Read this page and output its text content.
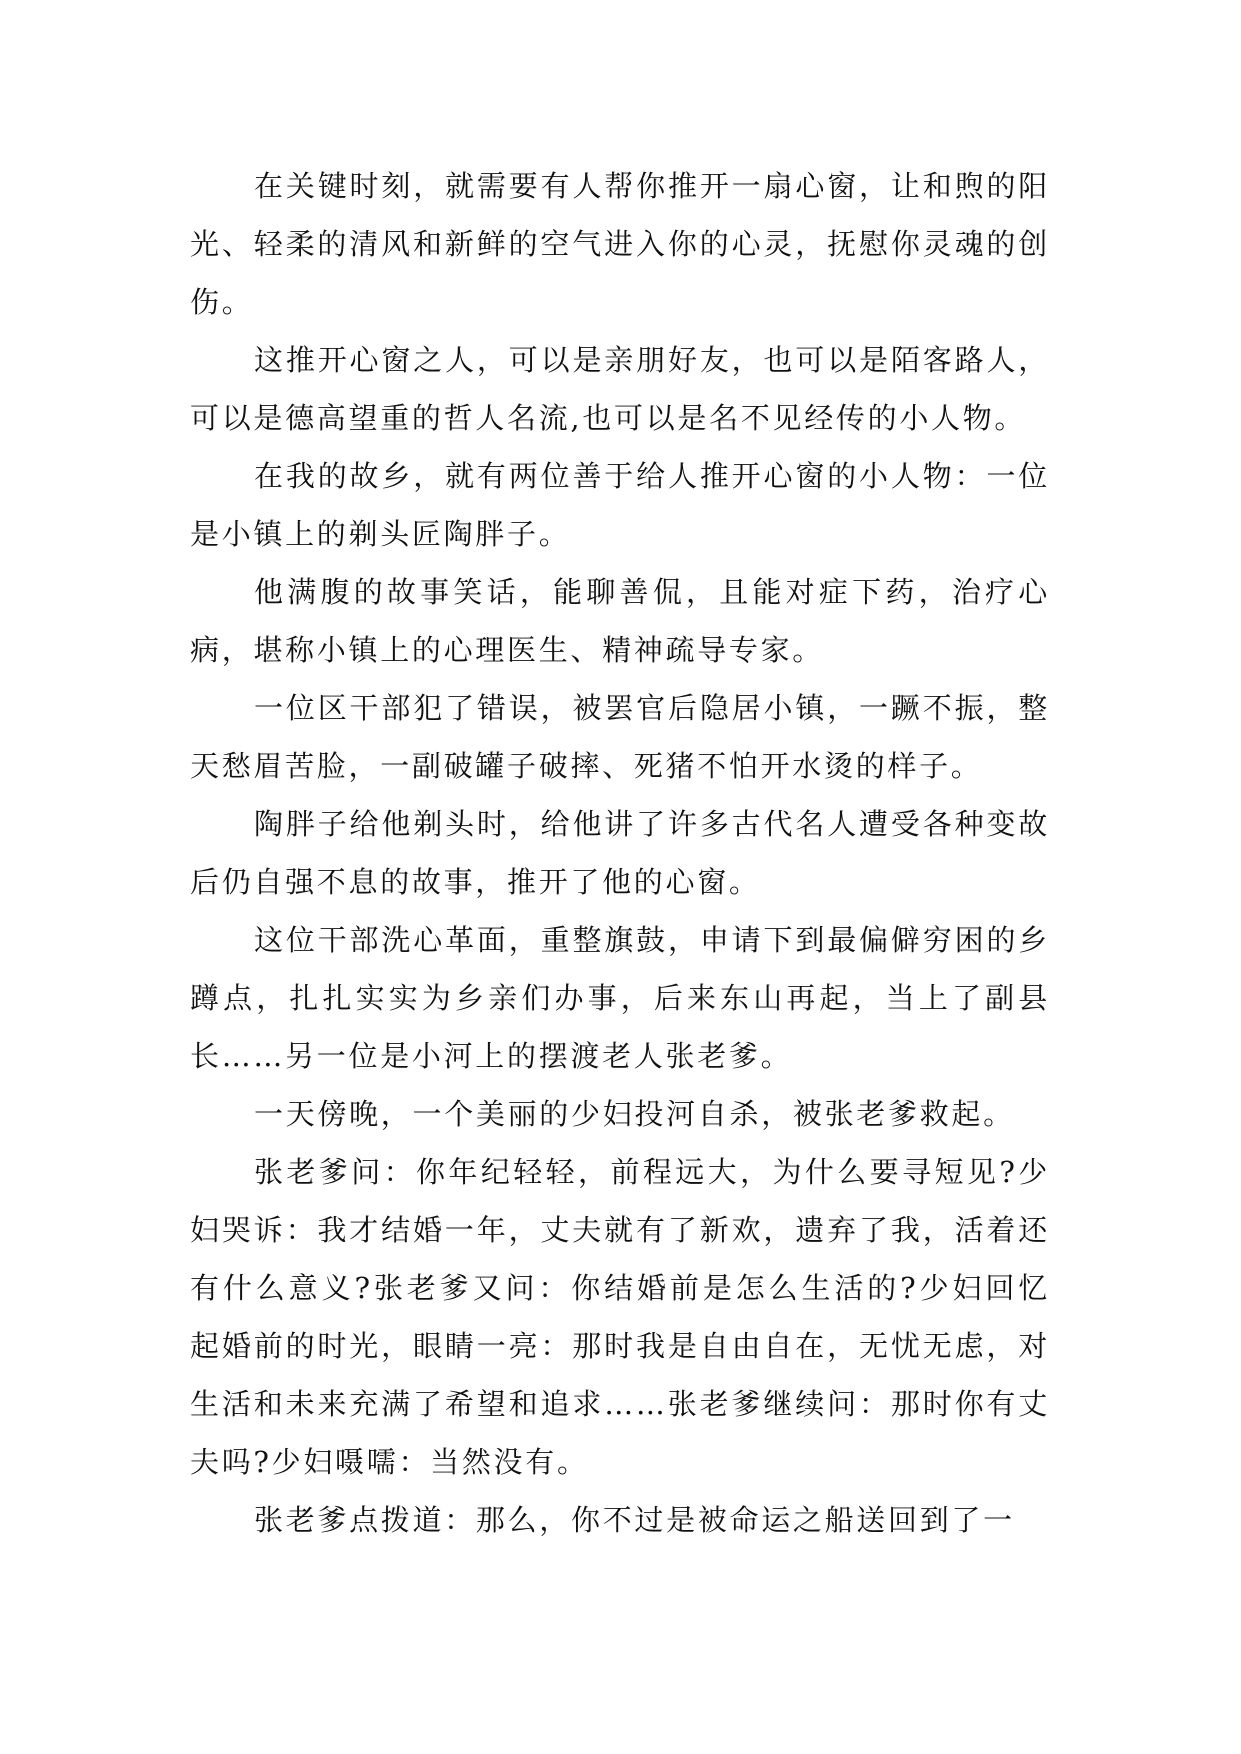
在关键时刻，就需要有人帮你推开一扇心窗，让和煦的阳光、轻柔的清风和新鲜的空气进入你的心灵，抚慰你灵魂的创伤。

这推开心窗之人，可以是亲朋好友，也可以是陌客路人，可以是德高望重的哲人名流,也可以是名不见经传的小人物。

在我的故乡，就有两位善于给人推开心窗的小人物：一位是小镇上的剃头匠陶胖子。

他满腹的故事笑话，能聊善侃，且能对症下药，治疗心病，堪称小镇上的心理医生、精神疏导专家。

一位区干部犯了错误，被罢官后隐居小镇，一蹶不振，整天愁眉苦脸，一副破罐子破摔、死猪不怕开水烫的样子。

陶胖子给他剃头时，给他讲了许多古代名人遭受各种变故后仍自强不息的故事，推开了他的心窗。

这位干部洗心革面，重整旗鼓，申请下到最偏僻穷困的乡蹲点，扎扎实实为乡亲们办事，后来东山再起，当上了副县长……另一位是小河上的摆渡老人张老爹。

一天傍晚，一个美丽的少妇投河自杀，被张老爹救起。

张老爹问：你年纪轻轻，前程远大，为什么要寻短见?少妇哭诉：我才结婚一年，丈夫就有了新欢，遗弃了我，活着还有什么意义?张老爹又问：你结婚前是怎么生活的?少妇回忆起婚前的时光，眼睛一亮：那时我是自由自在，无忧无虑，对生活和未来充满了希望和追求……张老爹继续问：那时你有丈夫吗?少妇嗫嚅：当然没有。

张老爹点拨道：那么，你不过是被命运之船送回到了一
